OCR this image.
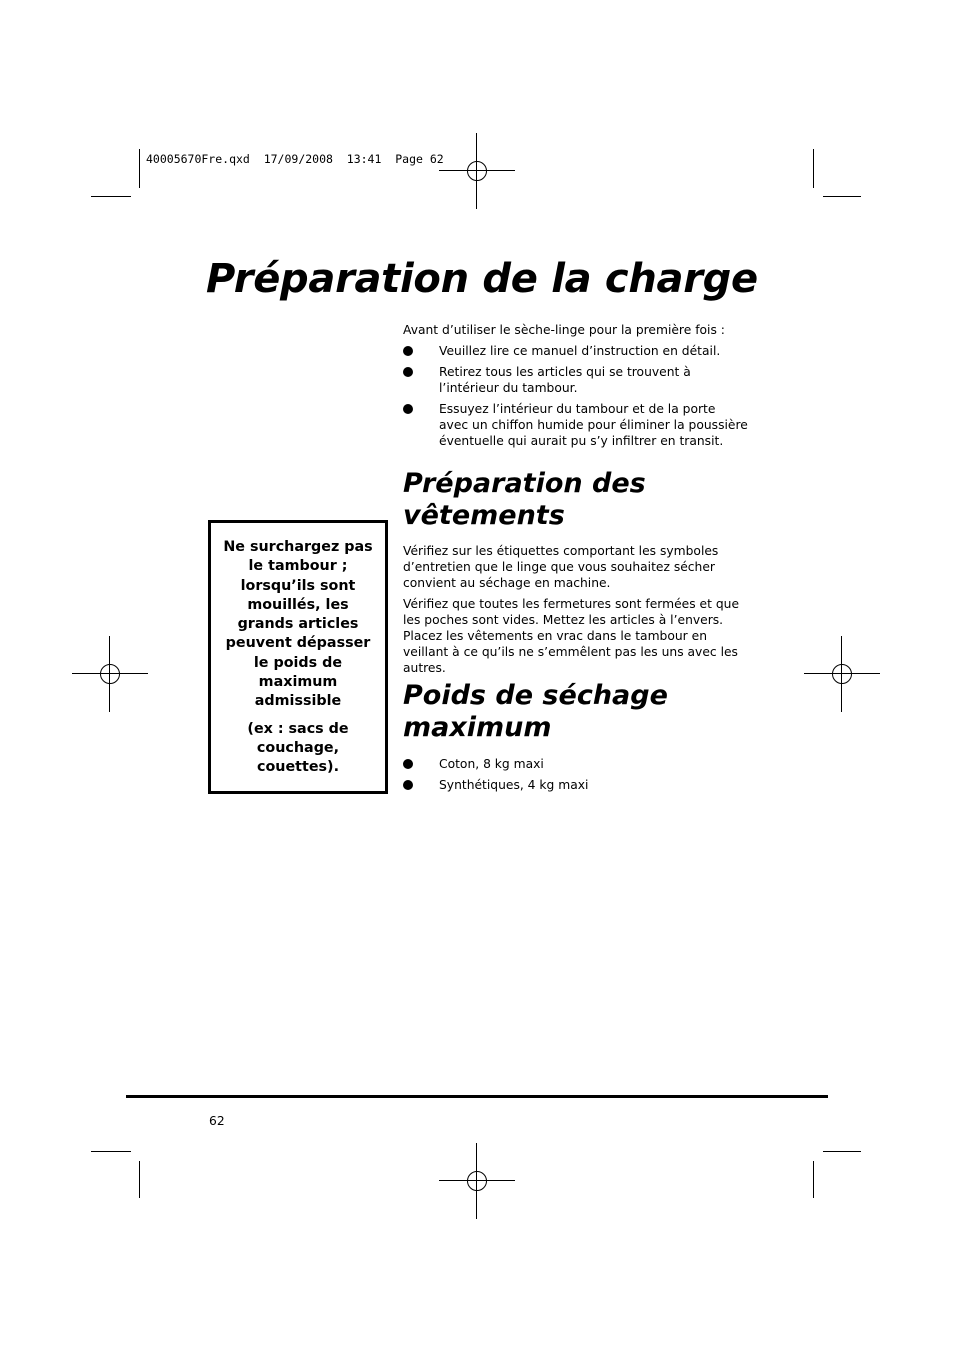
40005670Fre.qxd  17/09/2008  13:41  Page 62
Préparation de la charge

Avant d’utiliser le sèche-linge pour la première fois :

Veuillez lire ce manuel d’instruction en détail.
Retirez tous les articles qui se trouvent à l’intérieur du tambour.
Essuyez l’intérieur du tambour et de la porte avec un chiffon humide pour éliminer la poussière éventuelle qui aurait pu s’y infiltrer en transit.
Préparation des
vêtements

Vérifiez sur les étiquettes comportant les symboles d’entretien que le linge que vous souhaitez sécher convient au séchage en machine.

Vérifiez que toutes les fermetures sont fermées et que les poches sont vides. Mettez les articles à l’envers. Placez les vêtements en vrac dans le tambour en veillant à ce qu’ils ne s’emmêlent pas les uns avec les autres.

Poids de séchage
maximum
Coton, 8 kg maxi
Synthétiques, 4 kg maxi

Ne surchargez pas le tambour ; lorsqu’ils sont mouillés, les grands articles peuvent dépasser le poids de maximum admissible

(ex : sacs de couchage, couettes).

62
